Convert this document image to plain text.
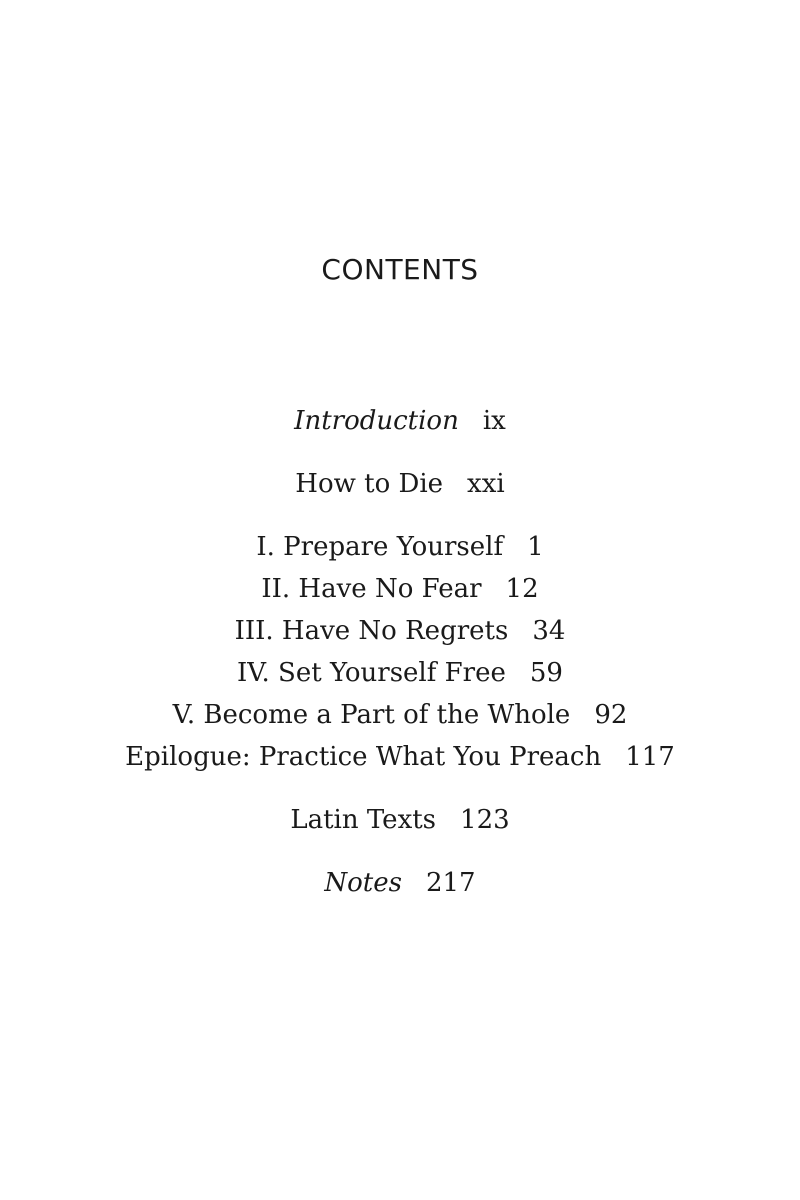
CONTENTS
Introduction ix
How to Die xxi
I. Prepare Yourself 1
II. Have No Fear 12
III. Have No Regrets 34
IV. Set Yourself Free 59
V. Become a Part of the Whole 92
Epilogue: Practice What You Preach 117
Latin Texts 123
Notes 217
